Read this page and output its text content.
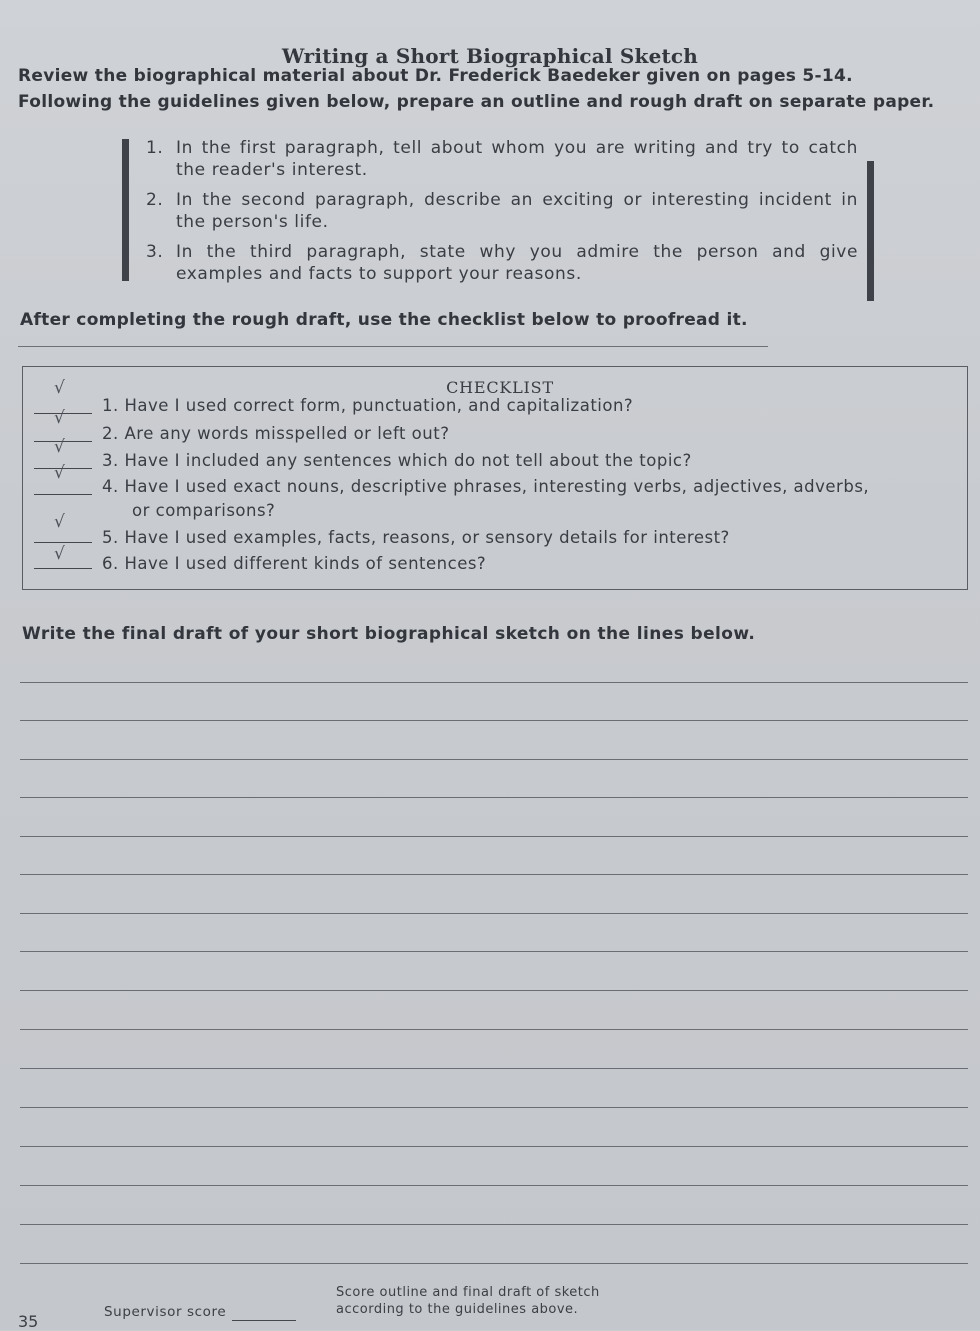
Writing a Short Biographical Sketch
Review the biographical material about Dr. Frederick Baedeker given on pages 5-14.
Following the guidelines given below, prepare an outline and rough draft on separate paper.
1. In the first paragraph, tell about whom you are writing and try to catch the reader's interest.
2. In the second paragraph, describe an exciting or interesting incident in the person's life.
3. In the third paragraph, state why you admire the person and give examples and facts to support your reasons.
After completing the rough draft, use the checklist below to proofread it.
CHECKLIST
√
1. Have I used correct form, punctuation, and capitalization?
√
2. Are any words misspelled or left out?
√
3. Have I included any sentences which do not tell about the topic?
√
4. Have I used exact nouns, descriptive phrases, interesting verbs, adjectives, adverbs,
or comparisons?
√
5. Have I used examples, facts, reasons, or sensory details for interest?
√ 6. Have I used different kinds of sentences?
Write the final draft of your short biographical sketch on the lines below.
Score outline and final draft of sketch
according to the guidelines above.
35	Supervisor score
